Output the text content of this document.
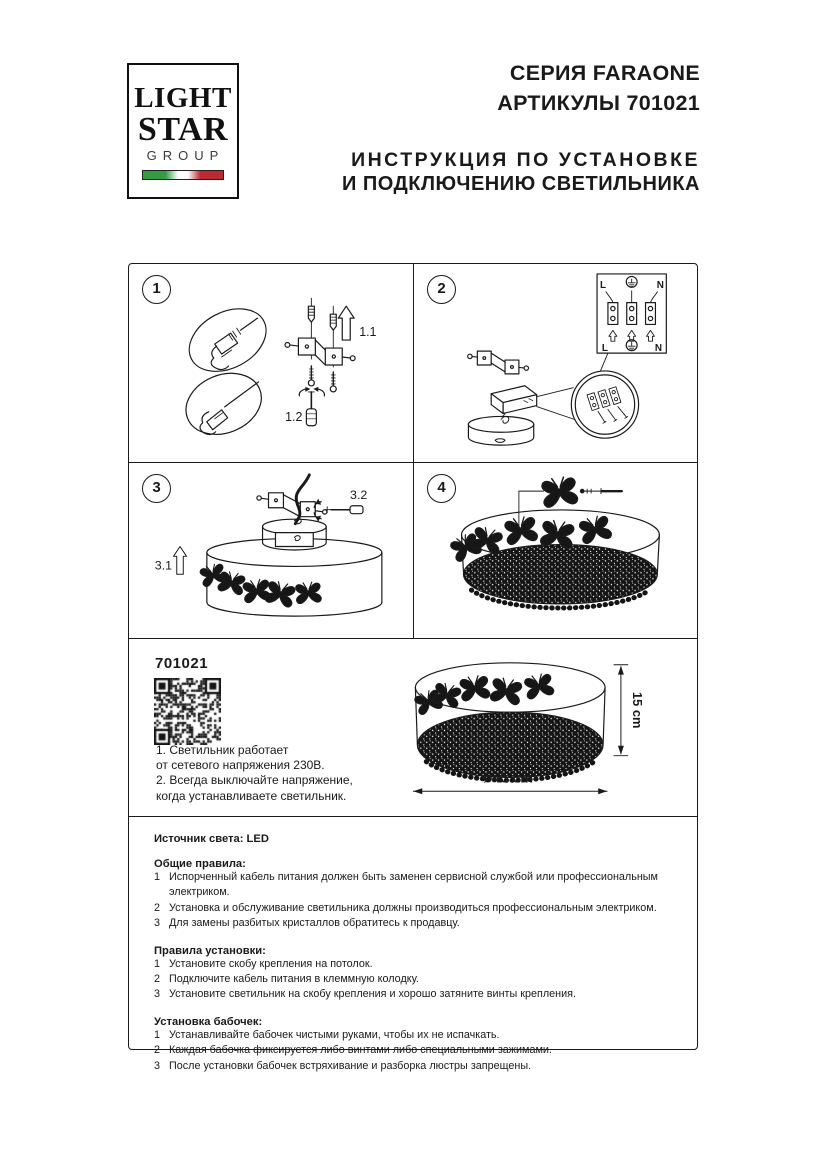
LIGHT
STAR
GROUP
СЕРИЯ FARAONE
АРТИКУЛЫ 701021
ИНСТРУКЦИЯ ПО УСТАНОВКЕ
И ПОДКЛЮЧЕНИЮ СВЕТИЛЬНИКА
1.1
1.2
1	L	N
L	N
2
3.1
3.2
3	4
701021
1. Светильник работает
от сетевого напряжения 230В.
2. Всегда выключайте напряжение,
когда устанавливаете светильник.
15 cm
ø45 cm
Источник света: LED
Общие правила:
1 Испорченный кабель питания должен быть заменен сервисной службой или профессиональным электриком.
2 Установка и обслуживание светильника должны производиться профессиональным электриком.
3 Для замены разбитых кристаллов обратитесь к продавцу.
Правила установки:
1 Установите скобу крепления на потолок.
2 Подключите кабель питания в клеммную колодку.
3 Установите светильник на скобу крепления и хорошо затяните винты крепления.
Установка бабочек:
1 Устанавливайте бабочек чистыми руками, чтобы их не испачкать.
2 Каждая бабочка фиксируется либо винтами либо специальными зажимами.
3 После установки бабочек встряхивание и разборка люстры запрещены.
